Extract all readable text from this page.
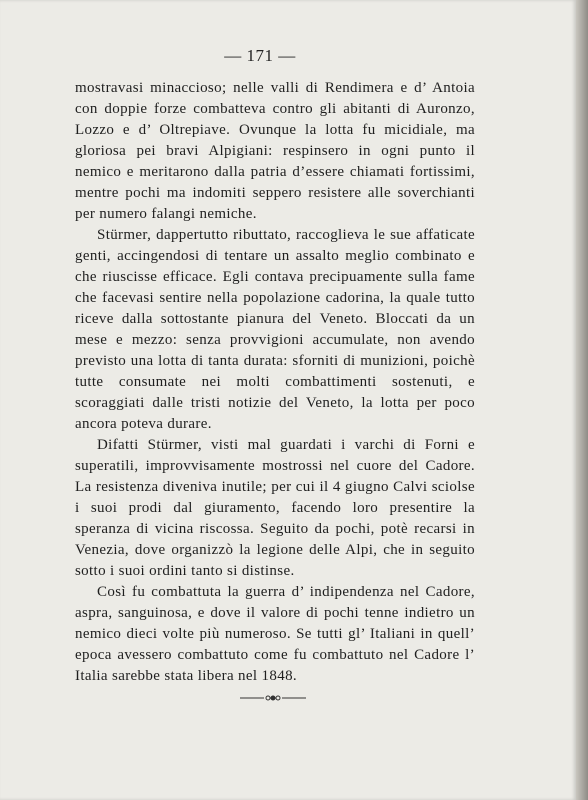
— 171 —

mostravasi minaccioso; nelle valli di Rendimera e d’ Antoia con doppie forze combatteva contro gli abitanti di Auronzo, Lozzo e d’ Oltrepiave. Ovunque la lotta fu micidiale, ma gloriosa pei bravi Alpigiani: respinsero in ogni punto il nemico e meritarono dalla patria d’essere chiamati fortissimi, mentre pochi ma indomiti seppero resistere alle soverchianti per numero falangi nemiche.

Stürmer, dappertutto ributtato, raccoglieva le sue affaticate genti, accingendosi di tentare un assalto meglio combinato e che riuscisse efficace. Egli contava precipuamente sulla fame che facevasi sentire nella popolazione cadorina, la quale tutto riceve dalla sottostante pianura del Veneto. Bloccati da un mese e mezzo: senza provvigioni accumulate, non avendo previsto una lotta di tanta durata: sforniti di munizioni, poichè tutte consumate nei molti combattimenti sostenuti, e scoraggiati dalle tristi notizie del Veneto, la lotta per poco ancora poteva durare.

Difatti Stürmer, visti mal guardati i varchi di Forni e superatili, improvvisamente mostrossi nel cuore del Cadore. La resistenza diveniva inutile; per cui il 4 giugno Calvi sciolse i suoi prodi dal giuramento, facendo loro presentire la speranza di vicina riscossa. Seguito da pochi, potè recarsi in Venezia, dove organizzò la legione delle Alpi, che in seguito sotto i suoi ordini tanto si distinse.

Così fu combattuta la guerra d’ indipendenza nel Cadore, aspra, sanguinosa, e dove il valore di pochi tenne indietro un nemico dieci volte più numeroso. Se tutti gl’ Italiani in quell’ epoca avessero combattuto come fu combattuto nel Cadore l’ Italia sarebbe stata libera nel 1848.
